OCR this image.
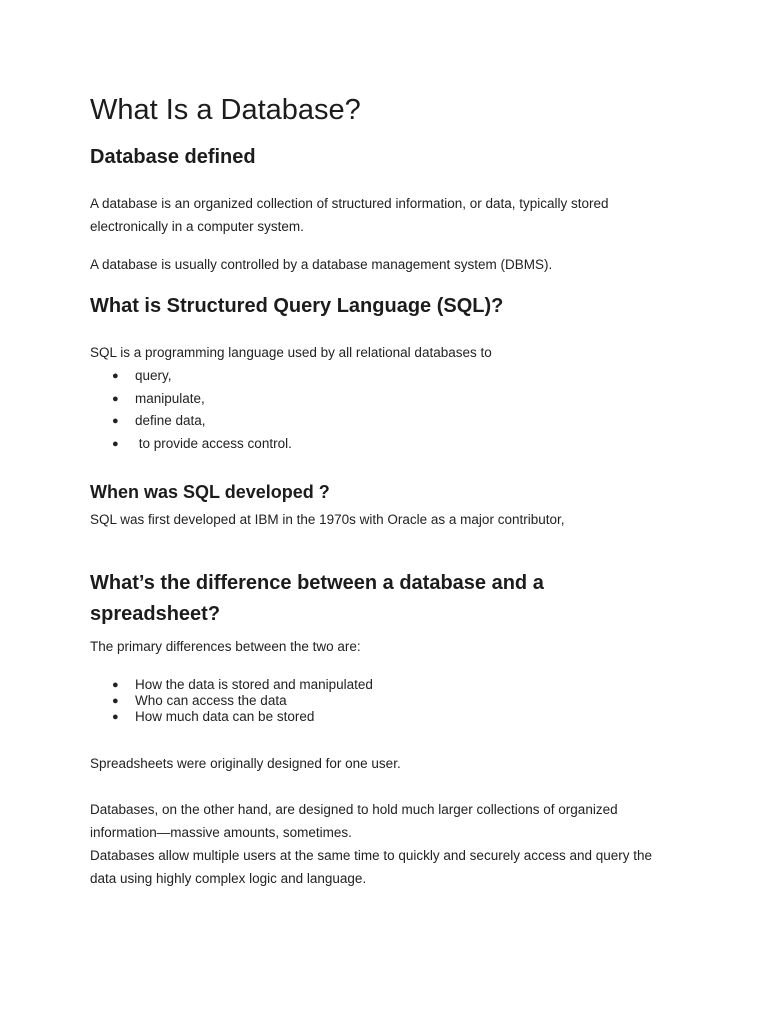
What Is a Database?
Database defined

A database is an organized collection of structured information, or data, typically stored

electronically in a computer system.

A database is usually controlled by a database management system (DBMS).

What is Structured Query Language (SQL)?

SQL is a programming language used by all relational databases to

● query,
● manipulate,
● define data,
●  to provide access control.
When was SQL developed ?

SQL was first developed at IBM in the 1970s with Oracle as a major contributor,

What’s the difference between a database and a
spreadsheet?

The primary differences between the two are:

● How the data is stored and manipulated
● Who can access the data
● How much data can be stored

Spreadsheets were originally designed for one user.

Databases, on the other hand, are designed to hold much larger collections of organized

information—massive amounts, sometimes.

Databases allow multiple users at the same time to quickly and securely access and query the

data using highly complex logic and language.
